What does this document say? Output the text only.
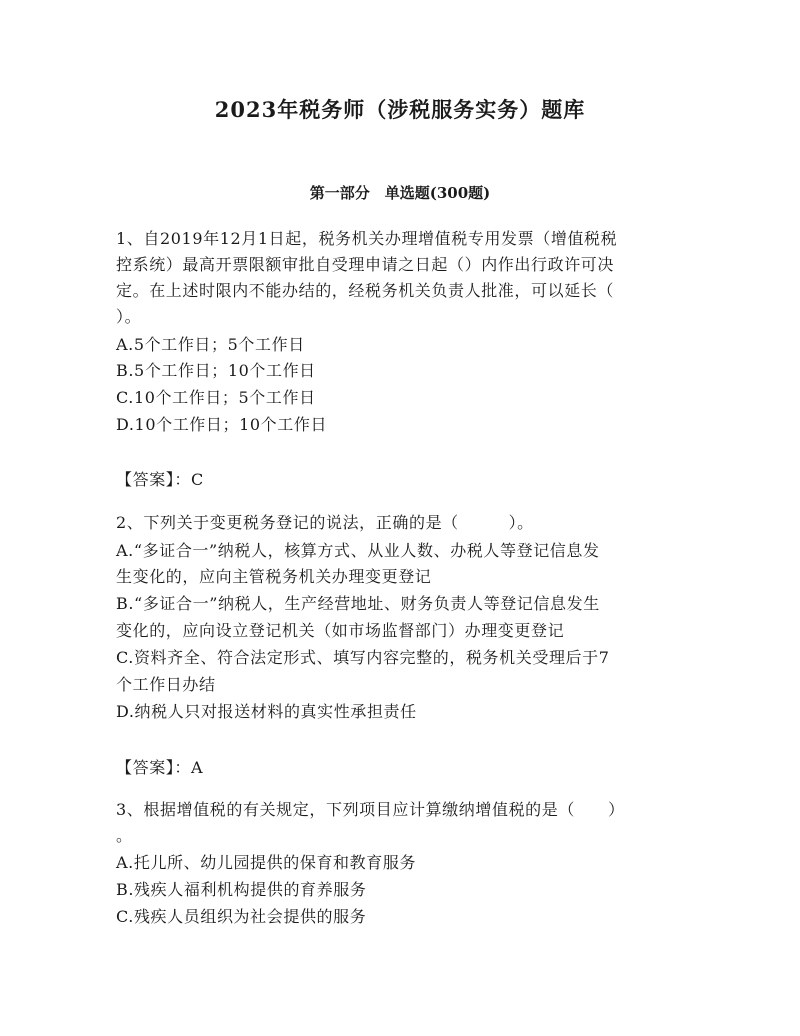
2023年税务师（涉税服务实务）题库
第一部分　单选题(300题)
1、自2019年12月1日起，税务机关办理增值税专用发票（增值税税
控系统）最高开票限额审批自受理申请之日起（）内作出行政许可决
定。在上述时限内不能办结的，经税务机关负责人批准，可以延长（
）。
A.5个工作日；5个工作日
B.5个工作日；10个工作日
C.10个工作日；5个工作日
D.10个工作日；10个工作日
【答案】：C
2、下列关于变更税务登记的说法，正确的是（　　　）。
A.“多证合一”纳税人，核算方式、从业人数、办税人等登记信息发
生变化的，应向主管税务机关办理变更登记
B.“多证合一”纳税人，生产经营地址、财务负责人等登记信息发生
变化的，应向设立登记机关（如市场监督部门）办理变更登记
C.资料齐全、符合法定形式、填写内容完整的，税务机关受理后于7
个工作日办结
D.纳税人只对报送材料的真实性承担责任
【答案】：A
3、根据增值税的有关规定，下列项目应计算缴纳增值税的是（　　）
。
A.托儿所、幼儿园提供的保育和教育服务
B.残疾人福利机构提供的育养服务
C.残疾人员组织为社会提供的服务
